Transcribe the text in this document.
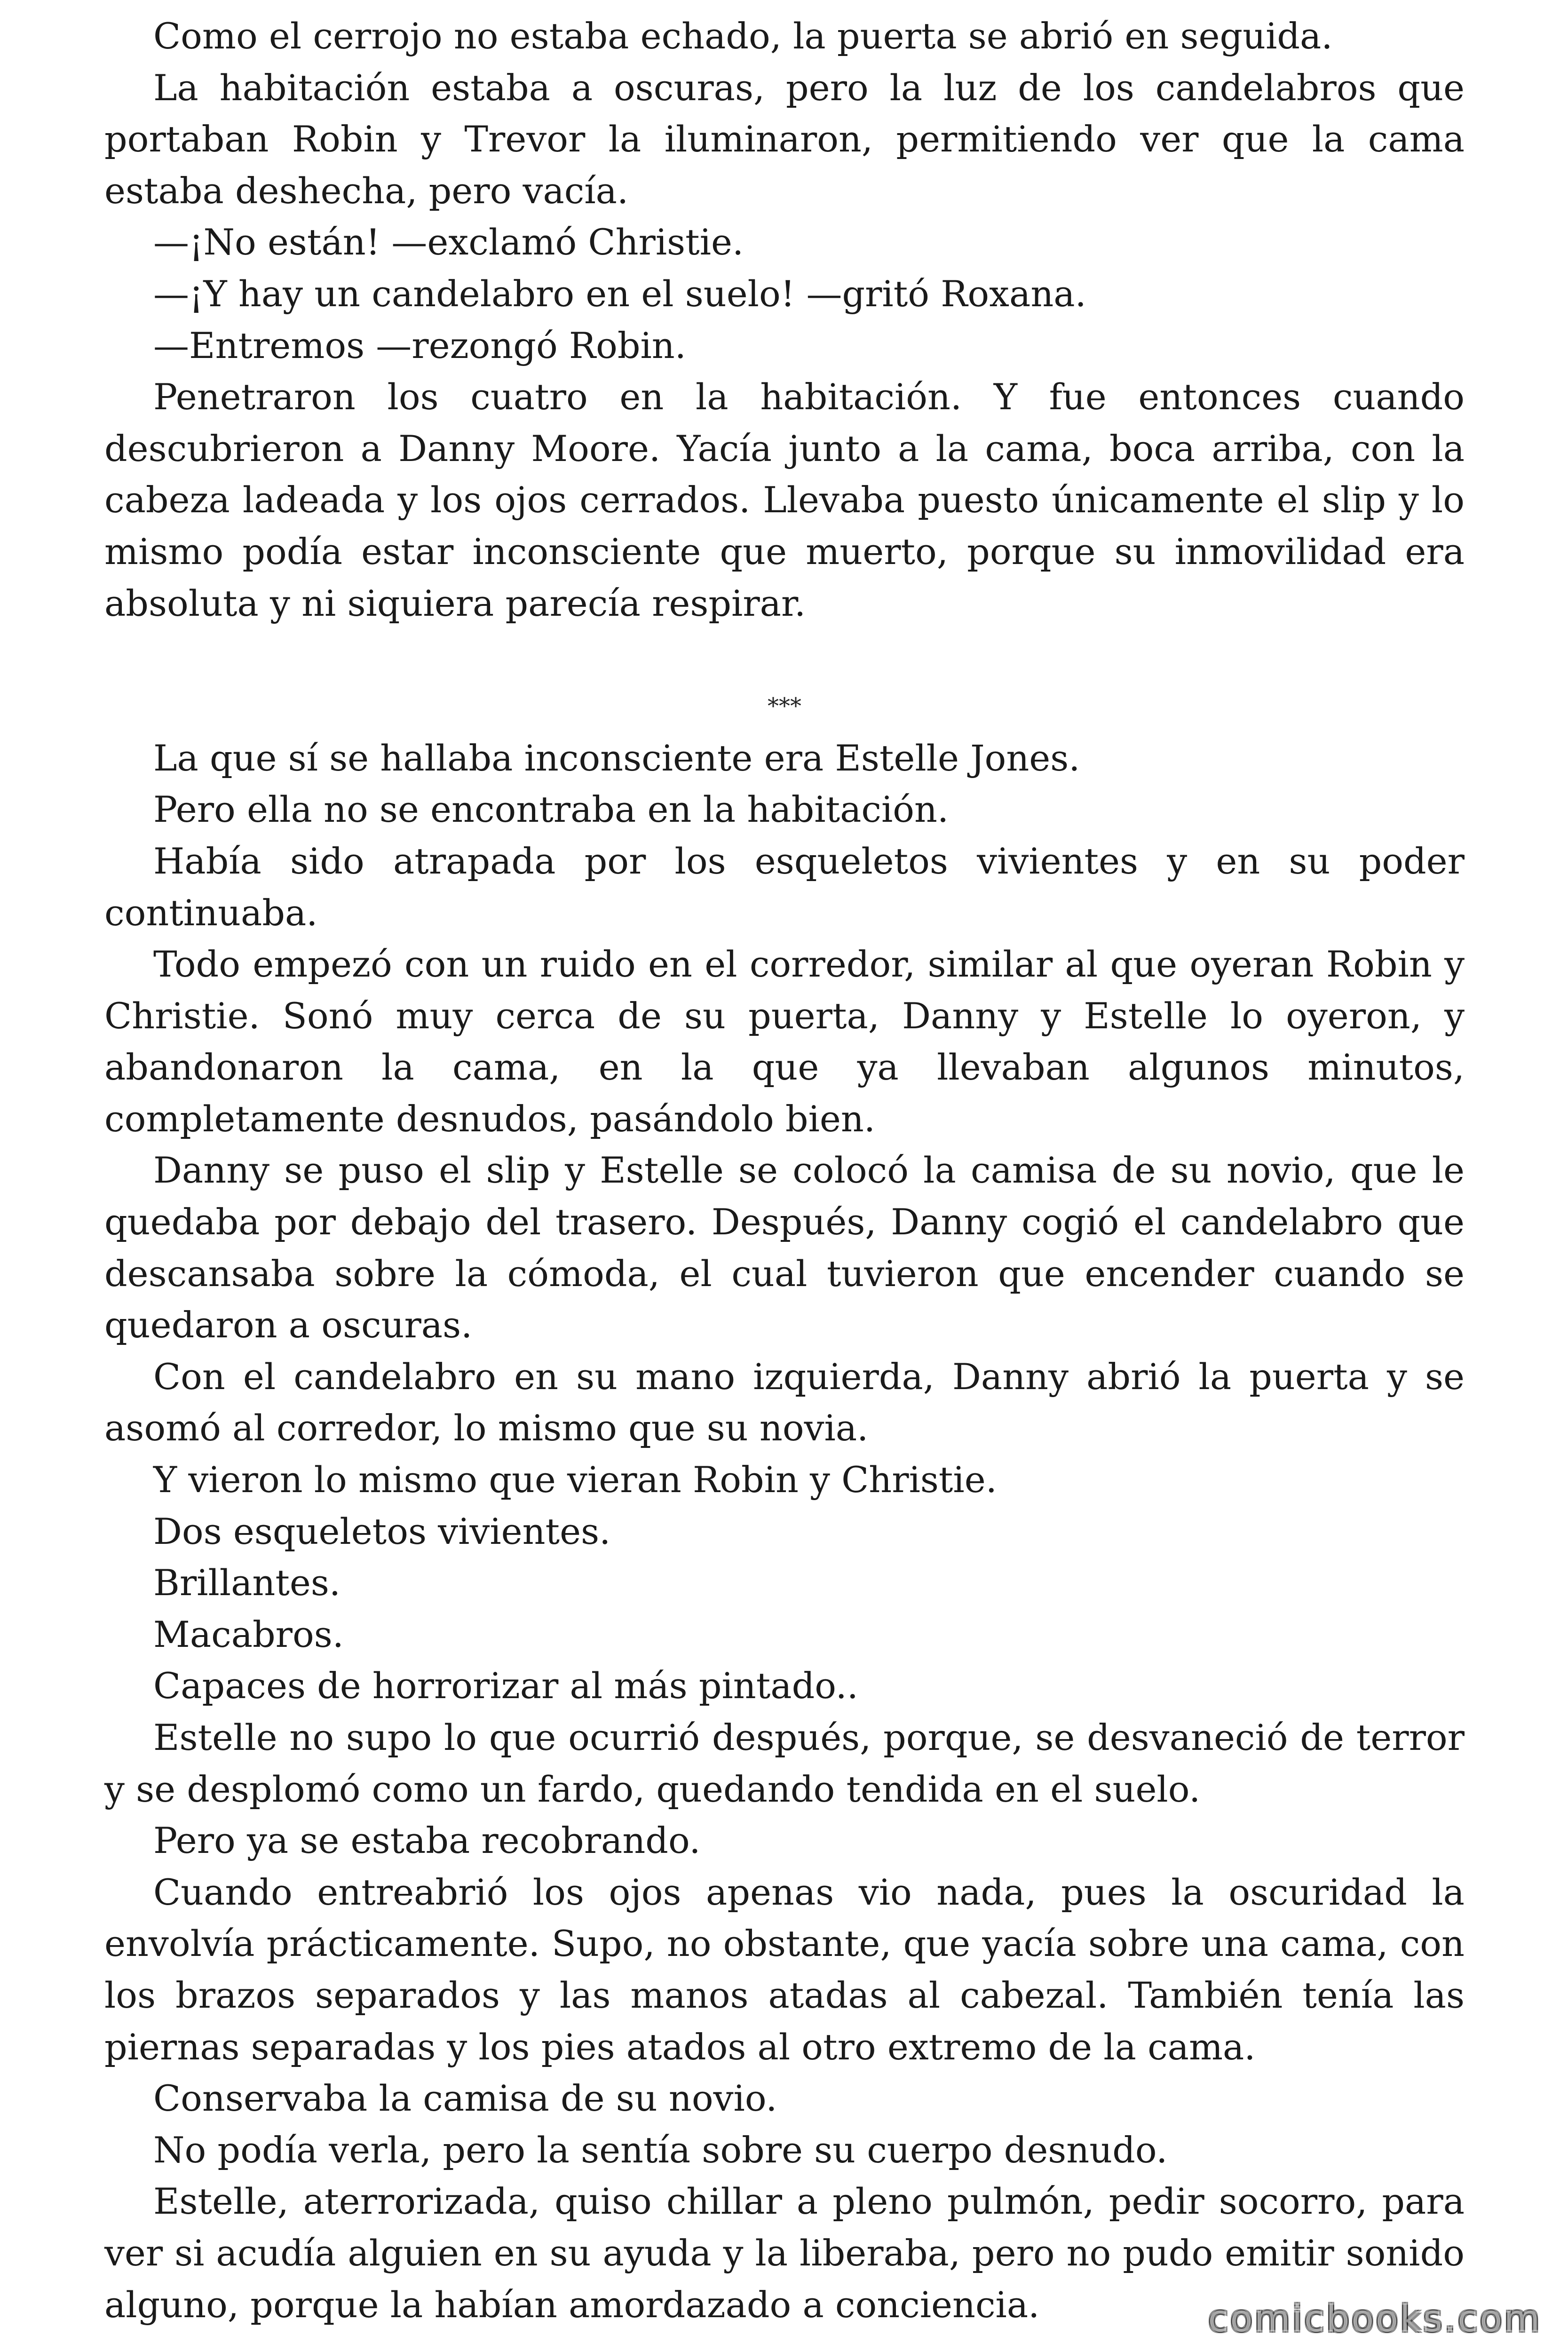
Como el cerrojo no estaba echado, la puerta se abrió en seguida.

La habitación estaba a oscuras, pero la luz de los candelabros que portaban Robin y Trevor la iluminaron, permitiendo ver que la cama estaba deshecha, pero vacía.

—¡No están! —exclamó Christie.

—¡Y hay un candelabro en el suelo! —gritó Roxana.

—Entremos —rezongó Robin.

Penetraron los cuatro en la habitación. Y fue entonces cuando descubrieron a Danny Moore. Yacía junto a la cama, boca arriba, con la cabeza ladeada y los ojos cerrados. Llevaba puesto únicamente el slip y lo mismo podía estar inconsciente que muerto, porque su inmovilidad era absoluta y ni siquiera parecía respirar.

***

La que sí se hallaba inconsciente era Estelle Jones.

Pero ella no se encontraba en la habitación.

Había sido atrapada por los esqueletos vivientes y en su poder continuaba.

Todo empezó con un ruido en el corredor, similar al que oyeran Robin y Christie. Sonó muy cerca de su puerta, Danny y Estelle lo oyeron, y abandonaron la cama, en la que ya llevaban algunos minutos, completamente desnudos, pasándolo bien.

Danny se puso el slip y Estelle se colocó la camisa de su novio, que le quedaba por debajo del trasero. Después, Danny cogió el candelabro que descansaba sobre la cómoda, el cual tuvieron que encender cuando se quedaron a oscuras.

Con el candelabro en su mano izquierda, Danny abrió la puerta y se asomó al corredor, lo mismo que su novia.

Y vieron lo mismo que vieran Robin y Christie.

Dos esqueletos vivientes.

Brillantes.

Macabros.

Capaces de horrorizar al más pintado..

Estelle no supo lo que ocurrió después, porque, se desvaneció de terror y se desplomó como un fardo, quedando tendida en el suelo.

Pero ya se estaba recobrando.

Cuando entreabrió los ojos apenas vio nada, pues la oscuridad la envolvía prácticamente. Supo, no obstante, que yacía sobre una cama, con los brazos separados y las manos atadas al cabezal. También tenía las piernas separadas y los pies atados al otro extremo de la cama.

Conservaba la camisa de su novio.

No podía verla, pero la sentía sobre su cuerpo desnudo.

Estelle, aterrorizada, quiso chillar a pleno pulmón, pedir socorro, para ver si acudía alguien en su ayuda y la liberaba, pero no pudo emitir sonido alguno, porque la habían amordazado a conciencia.	comicbooks.com
